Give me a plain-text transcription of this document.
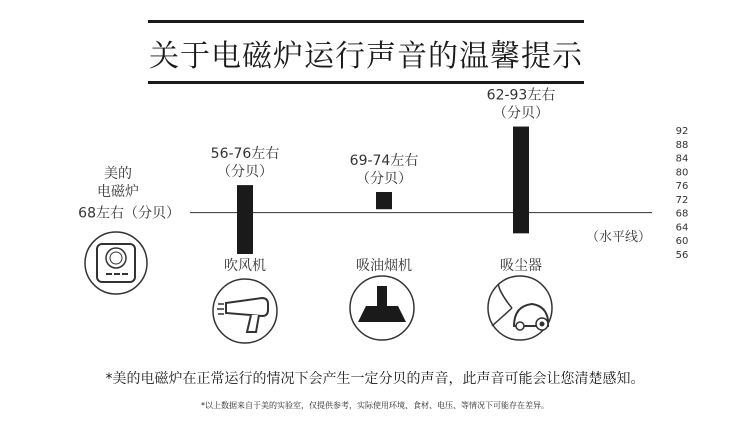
关于电磁炉运行声音的温馨提示
68左右（分贝）
（水平线）
美的
电磁炉
56-76左右
（分贝）
吹风机
69-74左右
（分贝）
吸油烟机
62-93左右
（分贝）
吸尘器
92
88
84
80
76
72
68
64
60
56
*美的电磁炉在正常运行的情况下会产生一定分贝的声音，此声音可能会让您清楚感知。
*以上数据来自于美的实验室，仅提供参考，实际使用环境、食材、电压、等情况下可能存在差异。
